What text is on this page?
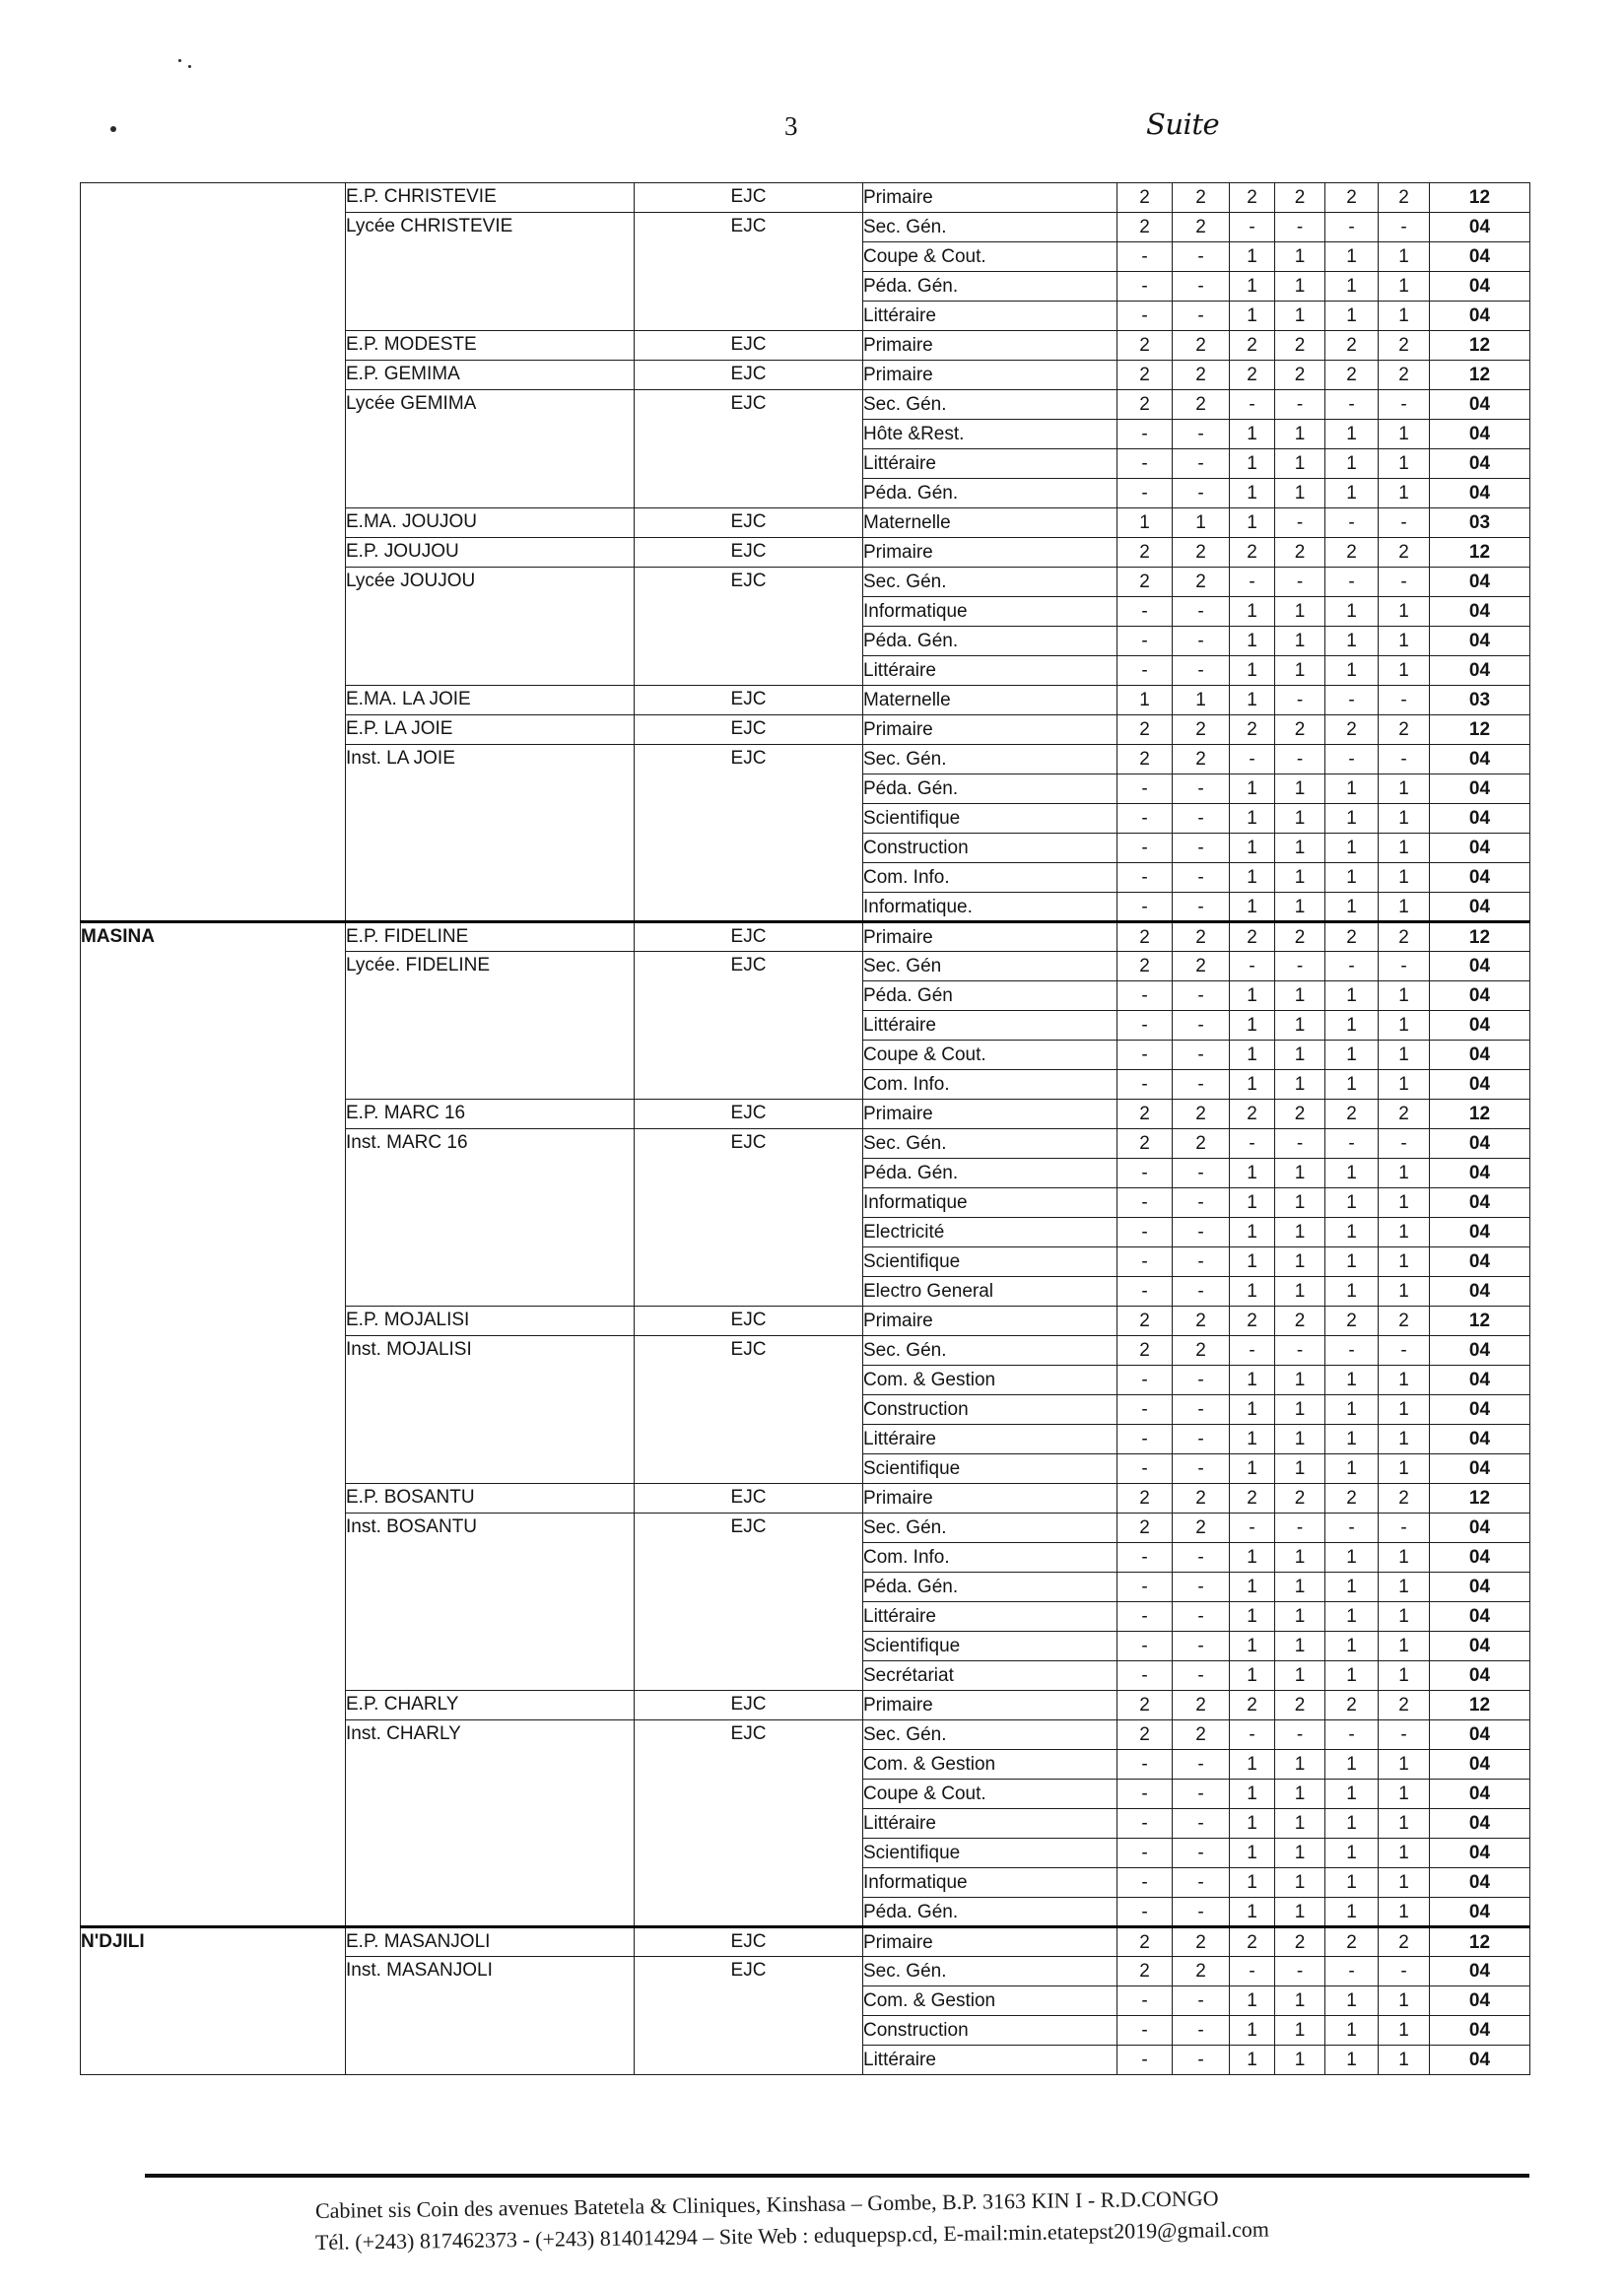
3	Suite
	E.P. CHRISTEVIE	EJC	Primaire	2	2	2	2	2	2	12
	Lycée CHRISTEVIE	EJC	Sec. Gén.	2	2	-	-	-	-	04
			Coupe & Cout.	-	-	1	1	1	1	04
			Péda. Gén.	-	-	1	1	1	1	04
			Littéraire	-	-	1	1	1	1	04
	E.P. MODESTE	EJC	Primaire	2	2	2	2	2	2	12
	E.P. GEMIMA	EJC	Primaire	2	2	2	2	2	2	12
	Lycée GEMIMA	EJC	Sec. Gén.	2	2	-	-	-	-	04
			Hôte &Rest.	-	-	1	1	1	1	04
			Littéraire	-	-	1	1	1	1	04
			Péda. Gén.	-	-	1	1	1	1	04
	E.MA. JOUJOU	EJC	Maternelle	1	1	1	-	-	-	03
	E.P. JOUJOU	EJC	Primaire	2	2	2	2	2	2	12
	Lycée JOUJOU	EJC	Sec. Gén.	2	2	-	-	-	-	04
			Informatique	-	-	1	1	1	1	04
			Péda. Gén.	-	-	1	1	1	1	04
			Littéraire	-	-	1	1	1	1	04
	E.MA. LA JOIE	EJC	Maternelle	1	1	1	-	-	-	03
	E.P. LA JOIE	EJC	Primaire	2	2	2	2	2	2	12
	Inst. LA JOIE	EJC	Sec. Gén.	2	2	-	-	-	-	04
			Péda. Gén.	-	-	1	1	1	1	04
			Scientifique	-	-	1	1	1	1	04
			Construction	-	-	1	1	1	1	04
			Com. Info.	-	-	1	1	1	1	04
			Informatique.	-	-	1	1	1	1	04
MASINA	E.P. FIDELINE	EJC	Primaire	2	2	2	2	2	2	12
	Lycée. FIDELINE	EJC	Sec. Gén	2	2	-	-	-	-	04
			Péda. Gén	-	-	1	1	1	1	04
			Littéraire	-	-	1	1	1	1	04
			Coupe & Cout.	-	-	1	1	1	1	04
			Com. Info.	-	-	1	1	1	1	04
	E.P. MARC 16	EJC	Primaire	2	2	2	2	2	2	12
	Inst. MARC 16	EJC	Sec. Gén.	2	2	-	-	-	-	04
			Péda. Gén.	-	-	1	1	1	1	04
			Informatique	-	-	1	1	1	1	04
			Electricité	-	-	1	1	1	1	04
			Scientifique	-	-	1	1	1	1	04
			Electro General	-	-	1	1	1	1	04
	E.P. MOJALISI	EJC	Primaire	2	2	2	2	2	2	12
	Inst. MOJALISI	EJC	Sec. Gén.	2	2	-	-	-	-	04
			Com. & Gestion	-	-	1	1	1	1	04
			Construction	-	-	1	1	1	1	04
			Littéraire	-	-	1	1	1	1	04
			Scientifique	-	-	1	1	1	1	04
	E.P. BOSANTU	EJC	Primaire	2	2	2	2	2	2	12
	Inst. BOSANTU	EJC	Sec. Gén.	2	2	-	-	-	-	04
			Com. Info.	-	-	1	1	1	1	04
			Péda. Gén.	-	-	1	1	1	1	04
			Littéraire	-	-	1	1	1	1	04
			Scientifique	-	-	1	1	1	1	04
			Secrétariat	-	-	1	1	1	1	04
	E.P. CHARLY	EJC	Primaire	2	2	2	2	2	2	12
	Inst. CHARLY	EJC	Sec. Gén.	2	2	-	-	-	-	04
			Com. & Gestion	-	-	1	1	1	1	04
			Coupe & Cout.	-	-	1	1	1	1	04
			Littéraire	-	-	1	1	1	1	04
			Scientifique	-	-	1	1	1	1	04
			Informatique	-	-	1	1	1	1	04
			Péda. Gén.	-	-	1	1	1	1	04
N'DJILI	E.P. MASANJOLI	EJC	Primaire	2	2	2	2	2	2	12
	Inst. MASANJOLI	EJC	Sec. Gén.	2	2	-	-	-	-	04
			Com. & Gestion	-	-	1	1	1	1	04
			Construction	-	-	1	1	1	1	04
			Littéraire	-	-	1	1	1	1	04
Cabinet sis Coin des avenues Batetela & Cliniques, Kinshasa – Gombe, B.P. 3163 KIN I - R.D.CONGO
Tél. (+243) 817462373 - (+243) 814014294 – Site Web : eduquepsp.cd, E-mail:min.etatepst2019@gmail.com
